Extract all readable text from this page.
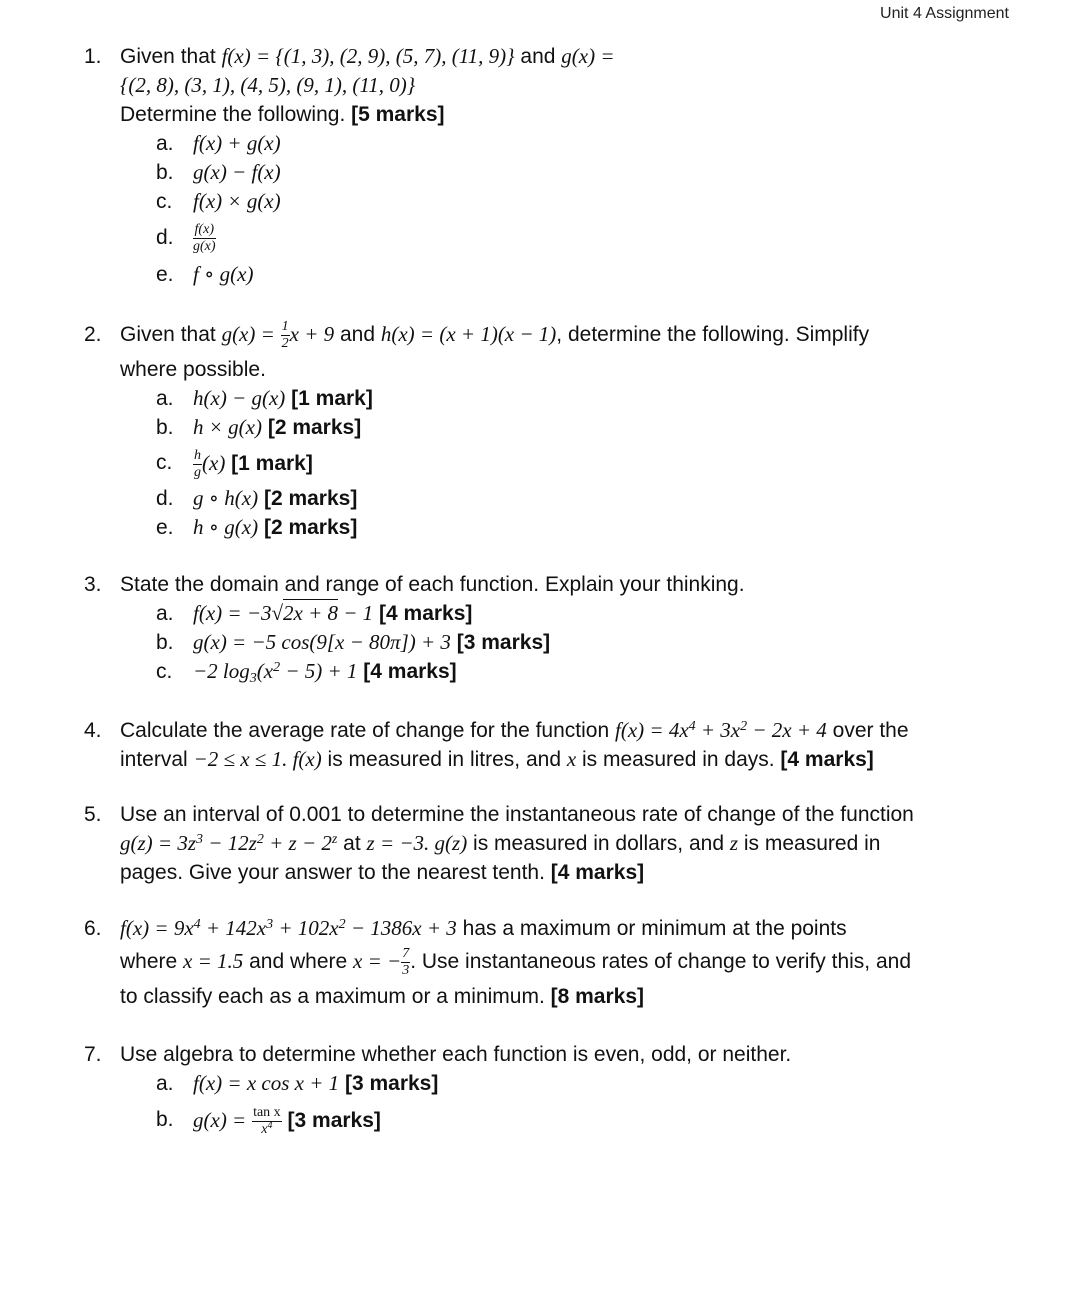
Unit 4 Assignment
1. Given that f(x) = {(1, 3), (2, 9), (5, 7), (11, 9)} and g(x) =
{(2, 8), (3, 1), (4, 5), (9, 1), (11, 0)}
Determine the following. [5 marks]
a. f(x) + g(x)
b. g(x) − f(x)
c. f(x) × g(x)
d.	$\frac{f(x)}{g(x)}$
e. f ∘ g(x)
2. Given that $g(x) = \frac{1}{2}$ x + 9 and h(x) = (x + 1)(x − 1), determine the following. Simplify
where possible.
a. h(x) − g(x) [1 mark]
b. h × g(x) [2 marks]
c.	$\frac{h}{g} (x)$ [1 mark]
d. g ∘ h(x) [2 marks]
e. h ∘ g(x) [2 marks]
3. State the domain and range of each function. Explain your thinking.
a. f(x) = −3√2x + 8 − 1 [4 marks]
b. g(x) = −5 cos(9[x − 80π]) + 3 [3 marks]
c. −2 $\log_3(x^2 - 5) + 1$ [4 marks]
4. Calculate the average rate of change for the function $f(x) = 4x^4 + 3x^2 - 2x + 4$ over the
interval −2 ≤ x ≤ 1. f(x) is measured in litres, and x is measured in days. [4 marks]
5. Use an interval of 0.001 to determine the instantaneous rate of change of the function
$g(z) = 3z^3 - 12z^2 + z - 2^z$ at z = −3. g(z) is measured in dollars, and z is measured in
pages. Give your answer to the nearest tenth. [4 marks]
6. $f(x) = 9x^4 + 142x^3 + 102x^2 - 1386x + 3$ has a maximum or minimum at the points
where x = 1.5 and where x = − $\frac{7}{3}$ . Use instantaneous rates of change to verify this, and
to classify each as a maximum or a minimum. [8 marks]
7. Use algebra to determine whether each function is even, odd, or neither.
a. f(x) = x cos x + 1 [3 marks]
b. $g(x) = \frac{\text{tan x}}{x^4} [3$ marks]
